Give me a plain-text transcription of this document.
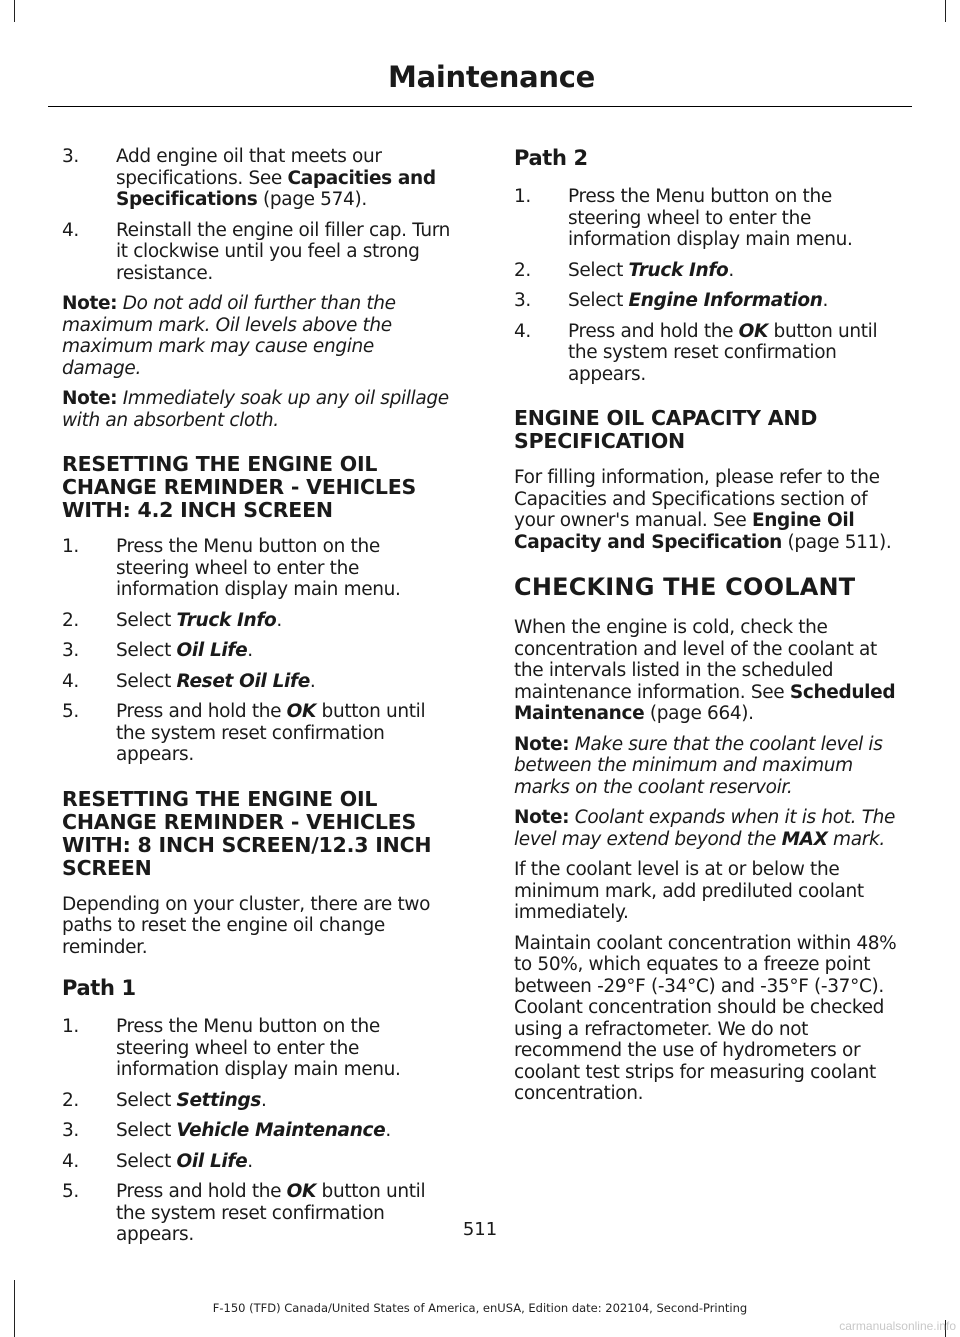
Maintenance
3.	Add engine oil that meets our specifications. See Capacities and Specifications (page 574).
4.	Reinstall the engine oil filler cap. Turn it clockwise until you feel a strong resistance.

Note: Do not add oil further than the maximum mark. Oil levels above the maximum mark may cause engine damage.

Note: Immediately soak up any oil spillage with an absorbent cloth.

RESETTING THE ENGINE OIL CHANGE REMINDER - VEHICLES WITH: 4.2 INCH SCREEN
1.	Press the Menu button on the steering wheel to enter the information display main menu.
2.	Select Truck Info.
3.	Select Oil Life.
4.	Select Reset Oil Life.
5.	Press and hold the OK button until the system reset confirmation appears.
RESETTING THE ENGINE OIL CHANGE REMINDER - VEHICLES WITH: 8 INCH SCREEN/12.3 INCH SCREEN

Depending on your cluster, there are two paths to reset the engine oil change reminder.

Path 1
1.	Press the Menu button on the steering wheel to enter the information display main menu.
2.	Select Settings.
3.	Select Vehicle Maintenance.
4.	Select Oil Life.
5.	Press and hold the OK button until the system reset confirmation appears.
Path 2
1.	Press the Menu button on the steering wheel to enter the information display main menu.
2.	Select Truck Info.
3.	Select Engine Information.
4.	Press and hold the OK button until the system reset confirmation appears.
ENGINE OIL CAPACITY AND SPECIFICATION

For filling information, please refer to the Capacities and Specifications section of your owner's manual. See Engine Oil Capacity and Specification (page 511).

CHECKING THE COOLANT

When the engine is cold, check the concentration and level of the coolant at the intervals listed in the scheduled maintenance information. See Scheduled Maintenance (page 664).

Note: Make sure that the coolant level is between the minimum and maximum marks on the coolant reservoir.

Note: Coolant expands when it is hot. The level may extend beyond the MAX mark.

If the coolant level is at or below the minimum mark, add prediluted coolant immediately.

Maintain coolant concentration within 48% to 50%, which equates to a freeze point between -29°F (-34°C) and -35°F (-37°C). Coolant concentration should be checked using a refractometer. We do not recommend the use of hydrometers or coolant test strips for measuring coolant concentration.

511
F-150 (TFD) Canada/United States of America, enUSA, Edition date: 202104, Second-Printing
carmanualsonline.info
